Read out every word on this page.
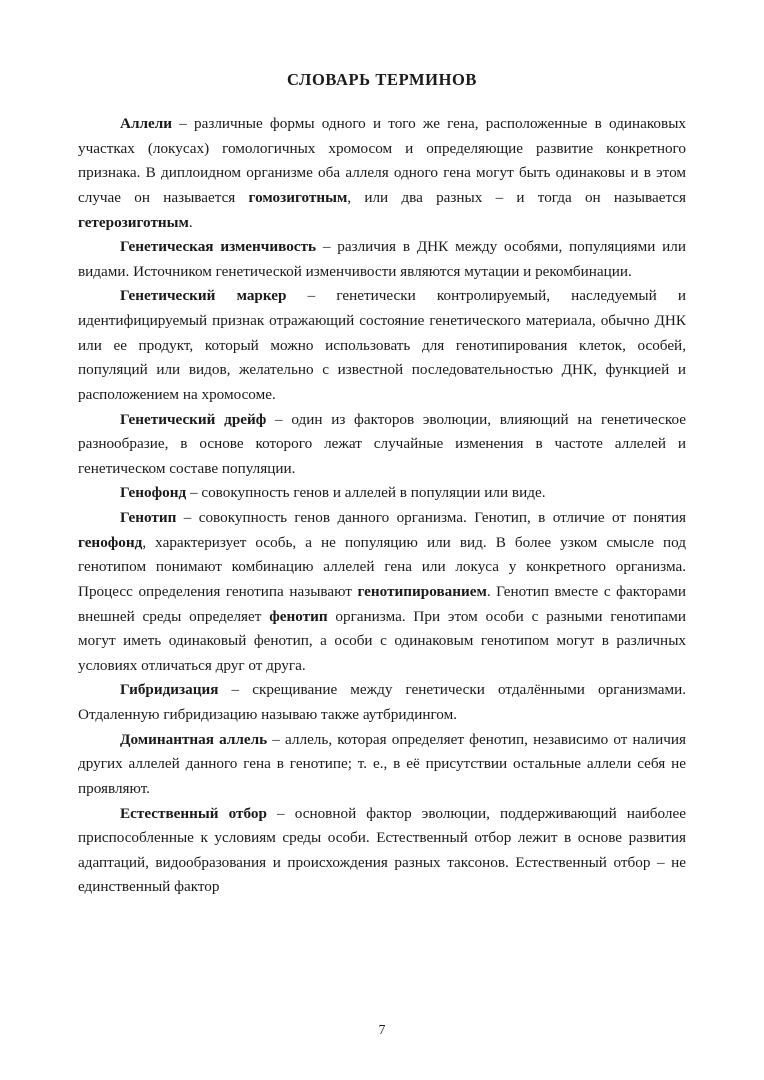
СЛОВАРЬ ТЕРМИНОВ

Аллели – различные формы одного и того же гена, расположенные в одинаковых участках (локусах) гомологичных хромосом и определяющие развитие конкретного признака. В диплоидном организме оба аллеля одного гена могут быть одинаковы и в этом случае он называется гомозиготным, или два разных – и тогда он называется гетерозиготным.

Генетическая изменчивость – различия в ДНК между особями, популяциями или видами. Источником генетической изменчивости являются мутации и рекомбинации.

Генетический маркер – генетически контролируемый, наследуемый и идентифицируемый признак отражающий состояние генетического материала, обычно ДНК или ее продукт, который можно использовать для генотипирования клеток, особей, популяций или видов, желательно с известной последовательностью ДНК, функцией и расположением на хромосоме.

Генетический дрейф – один из факторов эволюции, влияющий на генетическое разнообразие, в основе которого лежат случайные изменения в частоте аллелей и генетическом составе популяции.

Генофонд – совокупность генов и аллелей в популяции или виде.

Генотип – совокупность генов данного организма. Генотип, в отличие от понятия генофонд, характеризует особь, а не популяцию или вид. В более узком смысле под генотипом понимают комбинацию аллелей гена или локуса у конкретного организма. Процесс определения генотипа называют генотипированием. Генотип вместе с факторами внешней среды определяет фенотип организма. При этом особи с разными генотипами могут иметь одинаковый фенотип, а особи с одинаковым генотипом могут в различных условиях отличаться друг от друга.

Гибридизация – скрещивание между генетически отдалёнными организмами. Отдаленную гибридизацию называю также аутбридингом.

Доминантная аллель – аллель, которая определяет фенотип, независимо от наличия других аллелей данного гена в генотипе; т. е., в её присутствии остальные аллели себя не проявляют.

Естественный отбор – основной фактор эволюции, поддерживающий наиболее приспособленные к условиям среды особи. Естественный отбор лежит в основе развития адаптаций, видообразования и происхождения разных таксонов. Естественный отбор – не единственный фактор

7
